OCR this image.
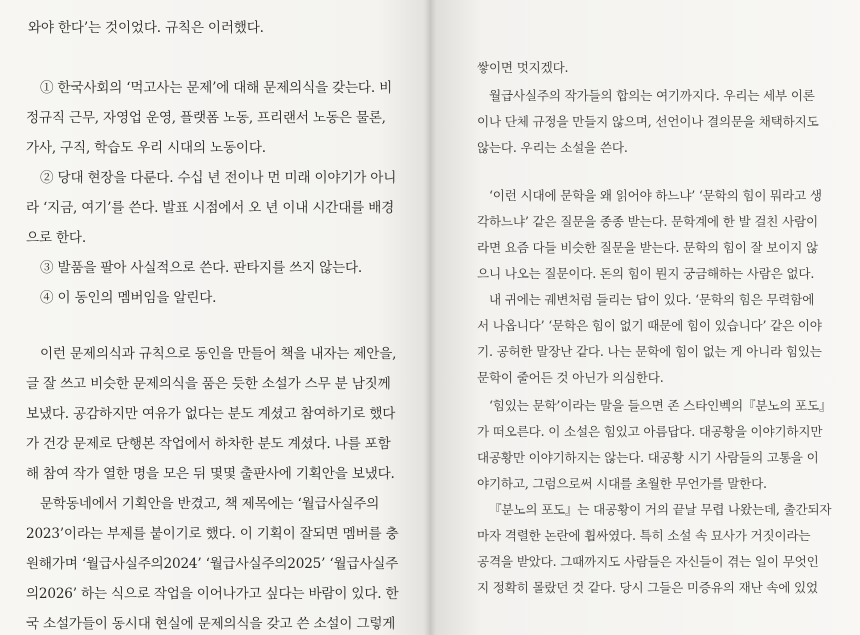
와야 한다’는 것이었다. 규칙은 이러했다.
① 한국사회의 ‘먹고사는 문제’에 대해 문제의식을 갖는다. 비
정규직 근무, 자영업 운영, 플랫폼 노동, 프리랜서 노동은 물론,
가사, 구직, 학습도 우리 시대의 노동이다.
② 당대 현장을 다룬다. 수십 년 전이나 먼 미래 이야기가 아니
라 ‘지금, 여기’를 쓴다. 발표 시점에서 오 년 이내 시간대를 배경
으로 한다.
③ 발품을 팔아 사실적으로 쓴다. 판타지를 쓰지 않는다.
④ 이 동인의 멤버임을 알린다.
이런 문제의식과 규칙으로 동인을 만들어 책을 내자는 제안을,
글 잘 쓰고 비슷한 문제의식을 품은 듯한 소설가 스무 분 남짓께
보냈다. 공감하지만 여유가 없다는 분도 계셨고 참여하기로 했다
가 건강 문제로 단행본 작업에서 하차한 분도 계셨다. 나를 포함
해 참여 작가 열한 명을 모은 뒤 몇몇 출판사에 기획안을 보냈다.
문학동네에서 기획안을 반겼고, 책 제목에는 ‘월급사실주의
2023’이라는 부제를 붙이기로 했다. 이 기획이 잘되면 멤버를 충
원해가며 ‘월급사실주의2024’ ‘월급사실주의2025’ ‘월급사실주
의2026’ 하는 식으로 작업을 이어나가고 싶다는 바람이 있다. 한
국 소설가들이 동시대 현실에 문제의식을 갖고 쓴 소설이 그렇게
쌓이면 멋지겠다.
월급사실주의 작가들의 합의는 여기까지다. 우리는 세부 이론
이나 단체 규정을 만들지 않으며, 선언이나 결의문을 채택하지도
않는다. 우리는 소설을 쓴다.
‘이런 시대에 문학을 왜 읽어야 하느냐’ ‘문학의 힘이 뭐라고 생
각하느냐’ 같은 질문을 종종 받는다. 문학계에 한 발 걸친 사람이
라면 요즘 다들 비슷한 질문을 받는다. 문학의 힘이 잘 보이지 않
으니 나오는 질문이다. 돈의 힘이 뭔지 궁금해하는 사람은 없다.
내 귀에는 궤변처럼 들리는 답이 있다. ‘문학의 힘은 무력함에
서 나옵니다’ ‘문학은 힘이 없기 때문에 힘이 있습니다’ 같은 이야
기. 공허한 말장난 같다. 나는 문학에 힘이 없는 게 아니라 힘있는
문학이 줄어든 것 아닌가 의심한다.
‘힘있는 문학’이라는 말을 들으면 존 스타인벡의『분노의 포도』
가 떠오른다. 이 소설은 힘있고 아름답다. 대공황을 이야기하지만
대공황만 이야기하지는 않는다. 대공황 시기 사람들의 고통을 이
야기하고, 그럼으로써 시대를 초월한 무언가를 말한다.
『분노의 포도』는 대공황이 거의 끝날 무렵 나왔는데, 출간되자
마자 격렬한 논란에 휩싸였다. 특히 소설 속 묘사가 거짓이라는
공격을 받았다. 그때까지도 사람들은 자신들이 겪는 일이 무엇인
지 정확히 몰랐던 것 같다. 당시 그들은 미증유의 재난 속에 있었
